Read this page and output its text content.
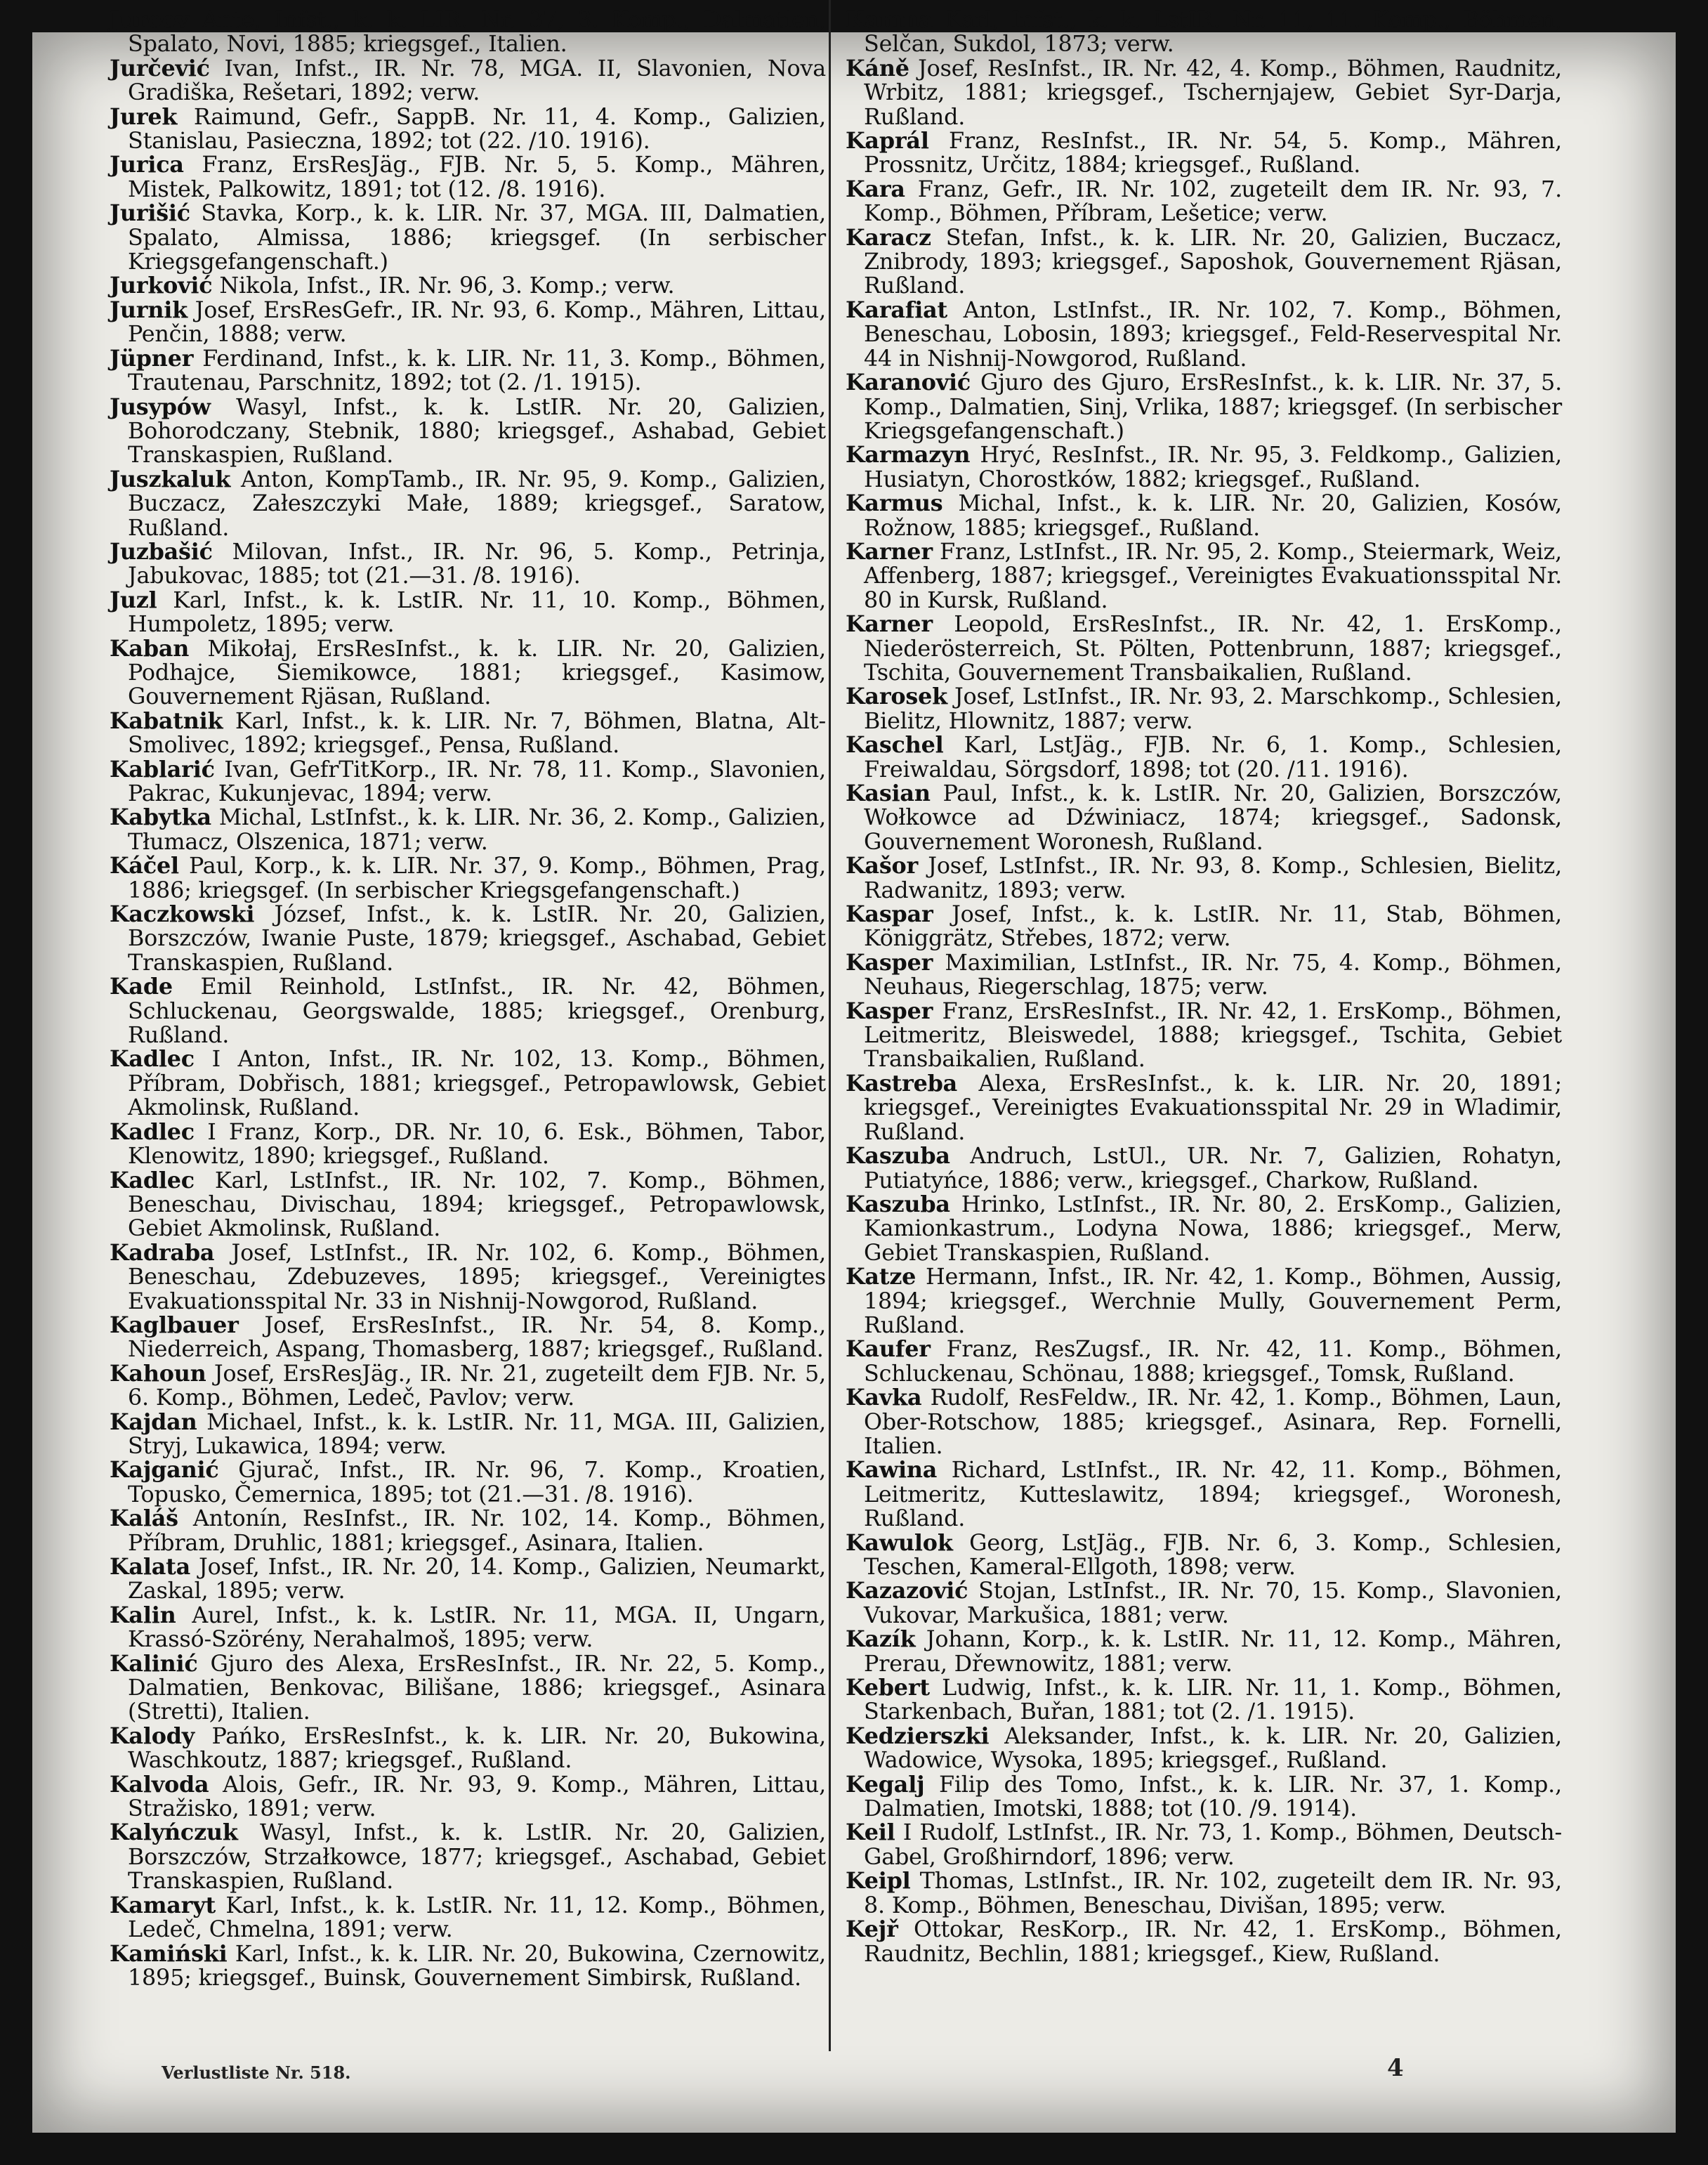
Jureev Ante, Infst., k. k. LIR. Nr. 37, 3. Komp., Dalmatien, Spalato, Novi, 1885; kriegsgef., Italien.

Jurčević Ivan, Infst., IR. Nr. 78, MGA. II, Slavonien, Nova Gradiška, Rešetari, 1892; verw.

Jurek Raimund, Gefr., SappB. Nr. 11, 4. Komp., Galizien, Stanislau, Pasieczna, 1892; tot (22. /10. 1916).

Jurica Franz, ErsResJäg., FJB. Nr. 5, 5. Komp., Mähren, Mistek, Palkowitz, 1891; tot (12. /8. 1916).

Jurišić Stavka, Korp., k. k. LIR. Nr. 37, MGA. III, Dalmatien, Spalato, Almissa, 1886; kriegsgef. (In serbischer Kriegsgefangenschaft.)

Jurković Nikola, Infst., IR. Nr. 96, 3. Komp.; verw.

Jurnik Josef, ErsResGefr., IR. Nr. 93, 6. Komp., Mähren, Littau, Penčin, 1888; verw.

Jüpner Ferdinand, Infst., k. k. LIR. Nr. 11, 3. Komp., Böhmen, Trautenau, Parschnitz, 1892; tot (2. /1. 1915).

Jusypów Wasyl, Infst., k. k. LstIR. Nr. 20, Galizien, Bohorodczany, Stebnik, 1880; kriegsgef., Ashabad, Gebiet Transkaspien, Rußland.

Juszkaluk Anton, KompTamb., IR. Nr. 95, 9. Komp., Galizien, Buczacz, Załeszczyki Małe, 1889; kriegsgef., Saratow, Rußland.

Juzbašić Milovan, Infst., IR. Nr. 96, 5. Komp., Petrinja, Jabukovac, 1885; tot (21.—31. /8. 1916).

Juzl Karl, Infst., k. k. LstIR. Nr. 11, 10. Komp., Böhmen, Humpoletz, 1895; verw.

Kaban Mikołaj, ErsResInfst., k. k. LIR. Nr. 20, Galizien, Podhajce, Siemikowce, 1881; kriegsgef., Kasimow, Gouvernement Rjäsan, Rußland.

Kabatnik Karl, Infst., k. k. LIR. Nr. 7, Böhmen, Blatna, Alt-Smolivec, 1892; kriegsgef., Pensa, Rußland.

Kablarić Ivan, GefrTitKorp., IR. Nr. 78, 11. Komp., Slavonien, Pakrac, Kukunjevac, 1894; verw.

Kabytka Michal, LstInfst., k. k. LIR. Nr. 36, 2. Komp., Galizien, Tłumacz, Olszenica, 1871; verw.

Káčel Paul, Korp., k. k. LIR. Nr. 37, 9. Komp., Böhmen, Prag, 1886; kriegsgef. (In serbischer Kriegsgefangenschaft.)

Kaczkowski József, Infst., k. k. LstIR. Nr. 20, Galizien, Borszczów, Iwanie Puste, 1879; kriegsgef., Aschabad, Gebiet Transkaspien, Rußland.

Kade Emil Reinhold, LstInfst., IR. Nr. 42, Böhmen, Schluckenau, Georgswalde, 1885; kriegsgef., Orenburg, Rußland.

Kadlec I Anton, Infst., IR. Nr. 102, 13. Komp., Böhmen, Příbram, Dobřisch, 1881; kriegsgef., Petropawlowsk, Gebiet Akmolinsk, Rußland.

Kadlec I Franz, Korp., DR. Nr. 10, 6. Esk., Böhmen, Tabor, Klenowitz, 1890; kriegsgef., Rußland.

Kadlec Karl, LstInfst., IR. Nr. 102, 7. Komp., Böhmen, Beneschau, Divischau, 1894; kriegsgef., Petropawlowsk, Gebiet Akmolinsk, Rußland.

Kadraba Josef, LstInfst., IR. Nr. 102, 6. Komp., Böhmen, Beneschau, Zdebuzeves, 1895; kriegsgef., Vereinigtes Evakuationsspital Nr. 33 in Nishnij-Nowgorod, Rußland.

Kaglbauer Josef, ErsResInfst., IR. Nr. 54, 8. Komp., Niederreich, Aspang, Thomasberg, 1887; kriegsgef., Rußland.

Kahoun Josef, ErsResJäg., IR. Nr. 21, zugeteilt dem FJB. Nr. 5, 6. Komp., Böhmen, Ledeč, Pavlov; verw.

Kajdan Michael, Infst., k. k. LstIR. Nr. 11, MGA. III, Galizien, Stryj, Lukawica, 1894; verw.

Kajganić Gjurač, Infst., IR. Nr. 96, 7. Komp., Kroatien, Topusko, Čemernica, 1895; tot (21.—31. /8. 1916).

Kaláš Antonín, ResInfst., IR. Nr. 102, 14. Komp., Böhmen, Příbram, Druhlic, 1881; kriegsgef., Asinara, Italien.

Kalata Josef, Infst., IR. Nr. 20, 14. Komp., Galizien, Neumarkt, Zaskal, 1895; verw.

Kalin Aurel, Infst., k. k. LstIR. Nr. 11, MGA. II, Ungarn, Krassó-Szörény, Nerahalmoš, 1895; verw.

Kalinić Gjuro des Alexa, ErsResInfst., IR. Nr. 22, 5. Komp., Dalmatien, Benkovac, Bilišane, 1886; kriegsgef., Asinara (Stretti), Italien.

Kalody Pańko, ErsResInfst., k. k. LIR. Nr. 20, Bukowina, Waschkoutz, 1887; kriegsgef., Rußland.

Kalvoda Alois, Gefr., IR. Nr. 93, 9. Komp., Mähren, Littau, Stražisko, 1891; verw.

Kalyńczuk Wasyl, Infst., k. k. LstIR. Nr. 20, Galizien, Borszczów, Strzałkowce, 1877; kriegsgef., Aschabad, Gebiet Transkaspien, Rußland.

Kamaryt Karl, Infst., k. k. LstIR. Nr. 11, 12. Komp., Böhmen, Ledeč, Chmelna, 1891; verw.

Kamiński Karl, Infst., k. k. LIR. Nr. 20, Bukowina, Czernowitz, 1895; kriegsgef., Buinsk, Gouvernement Simbirsk, Rußland.

Kamna Karl, Infst., k. k. LstIR. Nr. 11, 11. Komp., Böhmen, Selčan, Sukdol, 1873; verw.

Káně Josef, ResInfst., IR. Nr. 42, 4. Komp., Böhmen, Raudnitz, Wrbitz, 1881; kriegsgef., Tschernjajew, Gebiet Syr-Darja, Rußland.

Kaprál Franz, ResInfst., IR. Nr. 54, 5. Komp., Mähren, Prossnitz, Určitz, 1884; kriegsgef., Rußland.

Kara Franz, Gefr., IR. Nr. 102, zugeteilt dem IR. Nr. 93, 7. Komp., Böhmen, Příbram, Lešetice; verw.

Karacz Stefan, Infst., k. k. LIR. Nr. 20, Galizien, Buczacz, Znibrody, 1893; kriegsgef., Saposhok, Gouvernement Rjäsan, Rußland.

Karafiat Anton, LstInfst., IR. Nr. 102, 7. Komp., Böhmen, Beneschau, Lobosin, 1893; kriegsgef., Feld-Reservespital Nr. 44 in Nishnij-Nowgorod, Rußland.

Karanović Gjuro des Gjuro, ErsResInfst., k. k. LIR. Nr. 37, 5. Komp., Dalmatien, Sinj, Vrlika, 1887; kriegsgef. (In serbischer Kriegsgefangenschaft.)

Karmazyn Hryć, ResInfst., IR. Nr. 95, 3. Feldkomp., Galizien, Husiatyn, Chorostków, 1882; kriegsgef., Rußland.

Karmus Michal, Infst., k. k. LIR. Nr. 20, Galizien, Kosów, Rožnow, 1885; kriegsgef., Rußland.

Karner Franz, LstInfst., IR. Nr. 95, 2. Komp., Steiermark, Weiz, Affenberg, 1887; kriegsgef., Vereinigtes Evakuationsspital Nr. 80 in Kursk, Rußland.

Karner Leopold, ErsResInfst., IR. Nr. 42, 1. ErsKomp., Niederösterreich, St. Pölten, Pottenbrunn, 1887; kriegsgef., Tschita, Gouvernement Transbaikalien, Rußland.

Karosek Josef, LstInfst., IR. Nr. 93, 2. Marschkomp., Schlesien, Bielitz, Hlownitz, 1887; verw.

Kaschel Karl, LstJäg., FJB. Nr. 6, 1. Komp., Schlesien, Freiwaldau, Sörgsdorf, 1898; tot (20. /11. 1916).

Kasian Paul, Infst., k. k. LstIR. Nr. 20, Galizien, Borszczów, Wołkowce ad Dźwiniacz, 1874; kriegsgef., Sadonsk, Gouvernement Woronesh, Rußland.

Kašor Josef, LstInfst., IR. Nr. 93, 8. Komp., Schlesien, Bielitz, Radwanitz, 1893; verw.

Kaspar Josef, Infst., k. k. LstIR. Nr. 11, Stab, Böhmen, Königgrätz, Střebes, 1872; verw.

Kasper Maximilian, LstInfst., IR. Nr. 75, 4. Komp., Böhmen, Neuhaus, Riegerschlag, 1875; verw.

Kasper Franz, ErsResInfst., IR. Nr. 42, 1. ErsKomp., Böhmen, Leitmeritz, Bleiswedel, 1888; kriegsgef., Tschita, Gebiet Transbaikalien, Rußland.

Kastreba Alexa, ErsResInfst., k. k. LIR. Nr. 20, 1891; kriegsgef., Vereinigtes Evakuationsspital Nr. 29 in Wladimir, Rußland.

Kaszuba Andruch, LstUl., UR. Nr. 7, Galizien, Rohatyn, Putiatyńce, 1886; verw., kriegsgef., Charkow, Rußland.

Kaszuba Hrinko, LstInfst., IR. Nr. 80, 2. ErsKomp., Galizien, Kamionkastrum., Lodyna Nowa, 1886; kriegsgef., Merw, Gebiet Transkaspien, Rußland.

Katze Hermann, Infst., IR. Nr. 42, 1. Komp., Böhmen, Aussig, 1894; kriegsgef., Werchnie Mully, Gouvernement Perm, Rußland.

Kaufer Franz, ResZugsf., IR. Nr. 42, 11. Komp., Böhmen, Schluckenau, Schönau, 1888; kriegsgef., Tomsk, Rußland.

Kavka Rudolf, ResFeldw., IR. Nr. 42, 1. Komp., Böhmen, Laun, Ober-Rotschow, 1885; kriegsgef., Asinara, Rep. Fornelli, Italien.

Kawina Richard, LstInfst., IR. Nr. 42, 11. Komp., Böhmen, Leitmeritz, Kutteslawitz, 1894; kriegsgef., Woronesh, Rußland.

Kawulok Georg, LstJäg., FJB. Nr. 6, 3. Komp., Schlesien, Teschen, Kameral-Ellgoth, 1898; verw.

Kazazović Stojan, LstInfst., IR. Nr. 70, 15. Komp., Slavonien, Vukovar, Markušica, 1881; verw.

Kazík Johann, Korp., k. k. LstIR. Nr. 11, 12. Komp., Mähren, Prerau, Dřewnowitz, 1881; verw.

Kebert Ludwig, Infst., k. k. LIR. Nr. 11, 1. Komp., Böhmen, Starkenbach, Buřan, 1881; tot (2. /1. 1915).

Kedzierszki Aleksander, Infst., k. k. LIR. Nr. 20, Galizien, Wadowice, Wysoka, 1895; kriegsgef., Rußland.

Kegalj Filip des Tomo, Infst., k. k. LIR. Nr. 37, 1. Komp., Dalmatien, Imotski, 1888; tot (10. /9. 1914).

Keil I Rudolf, LstInfst., IR. Nr. 73, 1. Komp., Böhmen, Deutsch-Gabel, Großhirndorf, 1896; verw.

Keipl Thomas, LstInfst., IR. Nr. 102, zugeteilt dem IR. Nr. 93, 8. Komp., Böhmen, Beneschau, Divišan, 1895; verw.

Kejř Ottokar, ResKorp., IR. Nr. 42, 1. ErsKomp., Böhmen, Raudnitz, Bechlin, 1881; kriegsgef., Kiew, Rußland.

Verlustliste Nr. 518.	4
